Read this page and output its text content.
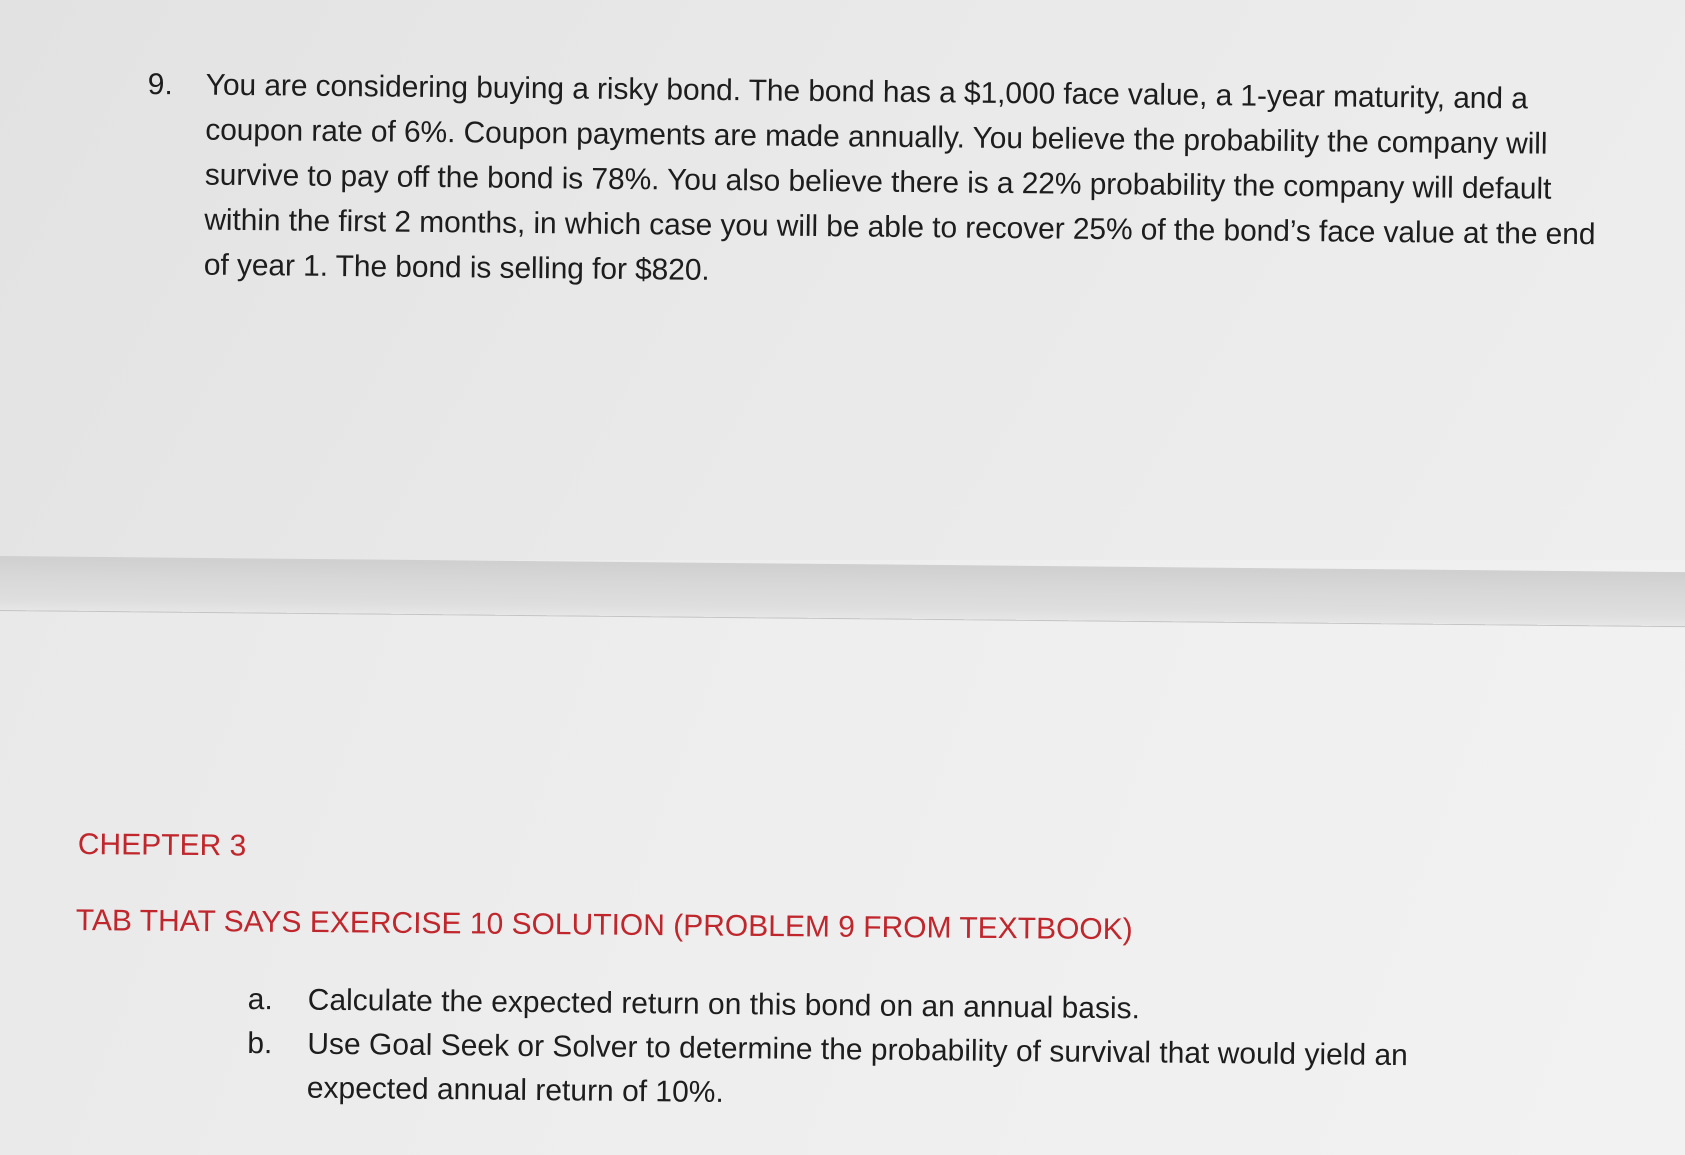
9.	You are considering buying a risky bond. The bond has a $1,000 face value, a 1-year maturity, and a coupon rate of 6%. Coupon payments are made annually. You believe the probability the company will survive to pay off the bond is 78%. You also believe there is a 22% probability the company will default within the first 2 months, in which case you will be able to recover 25% of the bond’s face value at the end of year 1. The bond is selling for $820.
CHEPTER 3
TAB THAT SAYS EXERCISE 10 SOLUTION (PROBLEM 9 FROM TEXTBOOK)
a.	Calculate the expected return on this bond on an annual basis.
b.	Use Goal Seek or Solver to determine the probability of survival that would yield an expected annual return of 10%.
